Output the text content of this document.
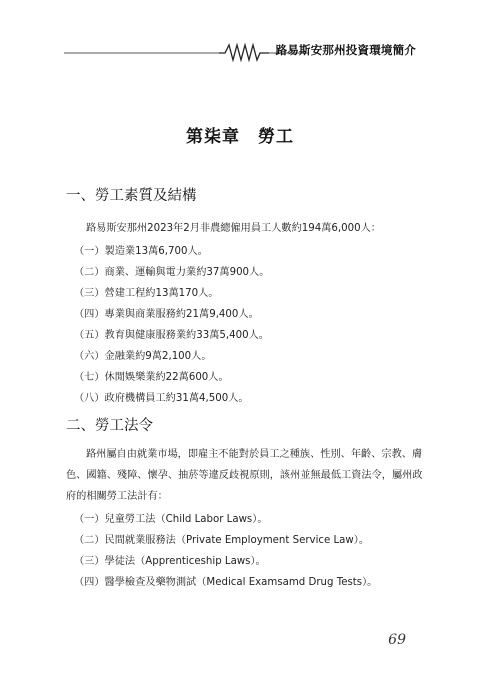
路易斯安那州投資環境簡介
第柒章　勞工
一、勞工素質及結構
路易斯安那州2023年2月非農總僱用員工人數約194萬6,000人：
（一）製造業13萬6,700人。
（二）商業、運輸與電力業約37萬900人。
（三）營建工程約13萬170人。
（四）專業與商業服務約21萬9,400人。
（五）教育與健康服務業約33萬5,400人。
（六）金融業約9萬2,100人。
（七）休閒娛樂業約22萬600人。
（八）政府機構員工約31萬4,500人。
二、勞工法令
路州屬自由就業市場，即雇主不能對於員工之種族、性別、年齡、宗教、膚色、國籍、殘障、懷孕、抽菸等違反歧視原則，該州並無最低工資法令，屬州政府的相關勞工法計有：
（一）兒童勞工法（Child Labor Laws）。
（二）民間就業服務法（Private Employment Service Law）。
（三）學徒法（Apprenticeship Laws）。
（四）醫學檢查及藥物測試（Medical Examsamd Drug Tests）。
69
